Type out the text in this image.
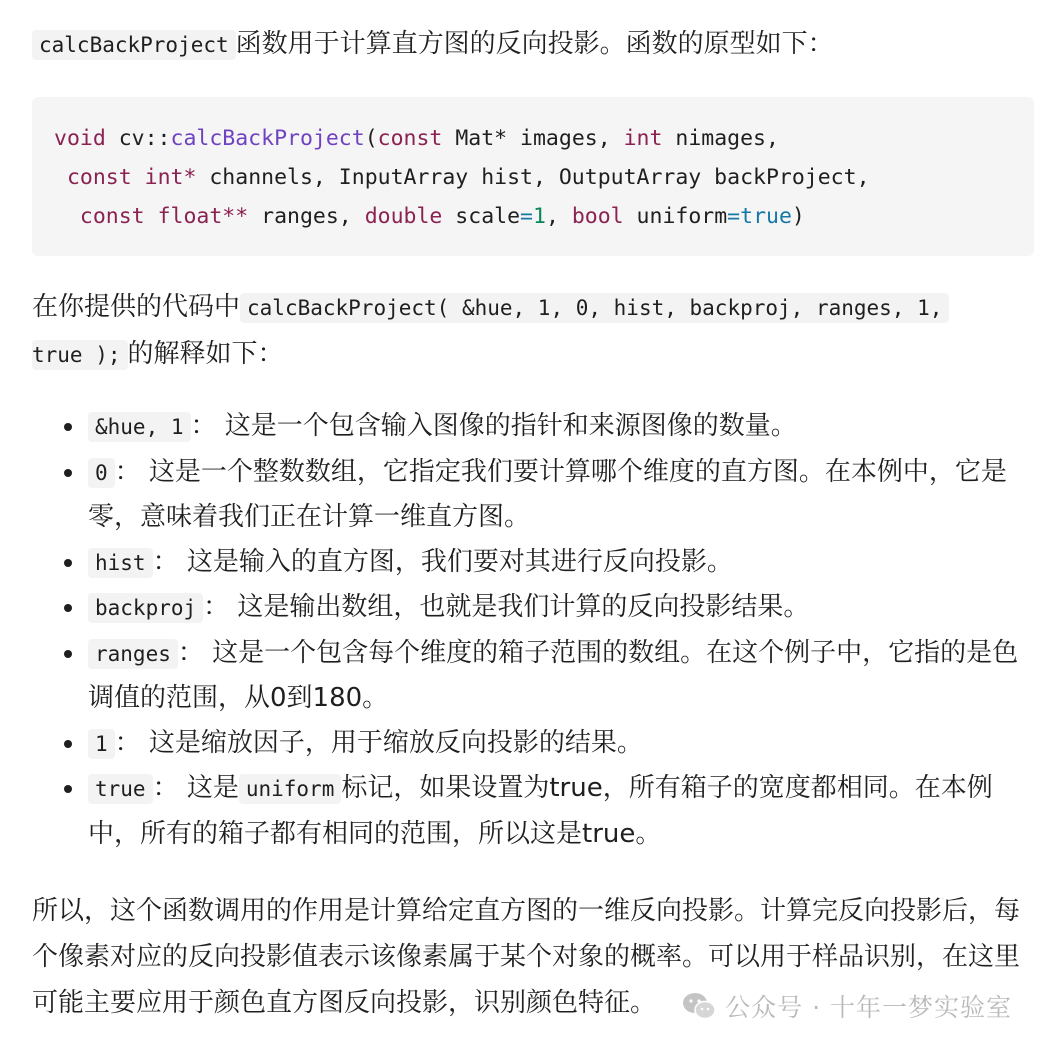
calcBackProject 函数用于计算直方图的反向投影。函数的原型如下：

void cv::calcBackProject(const Mat* images, int nimages,
const int* channels, InputArray hist, OutputArray backProject,
const float** ranges, double scale=1, bool uniform=true)

在你提供的代码中 calcBackProject( &hue, 1, 0, hist, backproj, ranges, 1,
true ); 的解释如下：

&hue, 1 ： 这是一个包含输入图像的指针和来源图像的数量。
0 ： 这是一个整数数组，它指定我们要计算哪个维度的直方图。在本例中，它是零，意味着我们正在计算一维直方图。
hist ： 这是输入的直方图，我们要对其进行反向投影。
backproj ： 这是输出数组，也就是我们计算的反向投影结果。
ranges ： 这是一个包含每个维度的箱子范围的数组。在这个例子中，它指的是色调值的范围，从0到180。
1 ： 这是缩放因子，用于缩放反向投影的结果。
true ： 这是 uniform 标记，如果设置为true，所有箱子的宽度都相同。在本例中，所有的箱子都有相同的范围，所以这是true。

所以，这个函数调用的作用是计算给定直方图的一维反向投影。计算完反向投影后，每个像素对应的反向投影值表示该像素属于某个对象的概率。可以用于样品识别，在这里可能主要应用于颜色直方图反向投影，识别颜色特征。	公众号 · 十年一梦实验室
